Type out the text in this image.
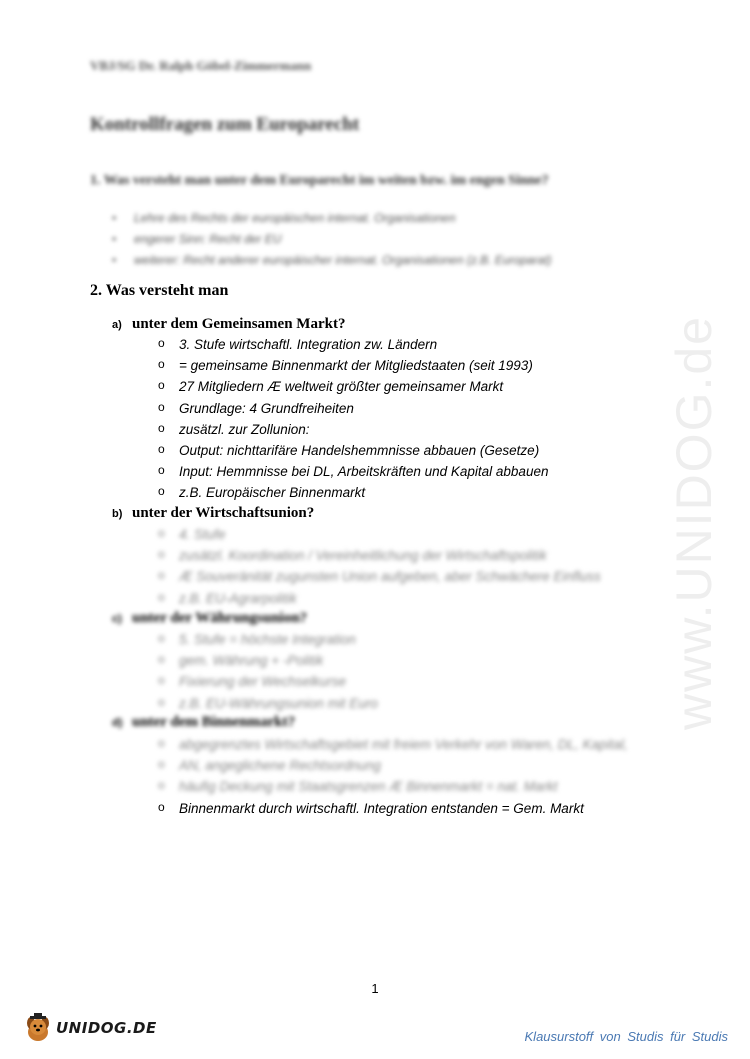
www.UNIDOG.de
VBJ/SG Dr. Ralph Göbel-Zimmermann
Kontrollfragen zum Europarecht
1. Was versteht man unter dem Europarecht im weiten bzw. im engen Sinne?
• Lehre des Rechts der europäischen internat. Organisationen
• engerer Sinn: Recht der EU
• weiterer: Recht anderer europäischer internat. Organisationen (z.B. Europarat)
2. Was versteht man
a) unter dem Gemeinsamen Markt?
o 3. Stufe wirtschaftl. Integration zw. Ländern
o = gemeinsame Binnenmarkt der Mitgliedstaaten (seit 1993)
o 27 Mitgliedern Æ weltweit größter gemeinsamer Markt
o Grundlage: 4 Grundfreiheiten
o zusätzl. zur Zollunion:
o Output: nichttarifäre Handelshemmnisse abbauen (Gesetze)
o Input: Hemmnisse bei DL, Arbeitskräften und Kapital abbauen
o z.B. Europäischer Binnenmarkt
b) unter der Wirtschaftsunion?
o 4. Stufe
o zusätzl. Koordination / Vereinheitlichung der Wirtschaftspolitik
o Æ Souveränität zugunsten Union aufgeben, aber Schwächere Einfluss
o z.B. EU-Agrarpolitik
c) unter der Währungsunion?
o 5. Stufe = höchste Integration
o gem. Währung + -Politik
o Fixierung der Wechselkurse
o z.B. EU-Währungsunion mit Euro
d) unter dem Binnenmarkt?
o abgegrenztes Wirtschaftsgebiet mit freiem Verkehr von Waren, DL, Kapital,
o AN, angeglichene Rechtsordnung
o häufig Deckung mit Staatsgrenzen Æ Binnenmarkt = nat. Markt
o Binnenmarkt durch wirtschaftl. Integration entstanden = Gem. Markt
1
UNIDOG.DE	Klausurstoff von Studis für Studis
